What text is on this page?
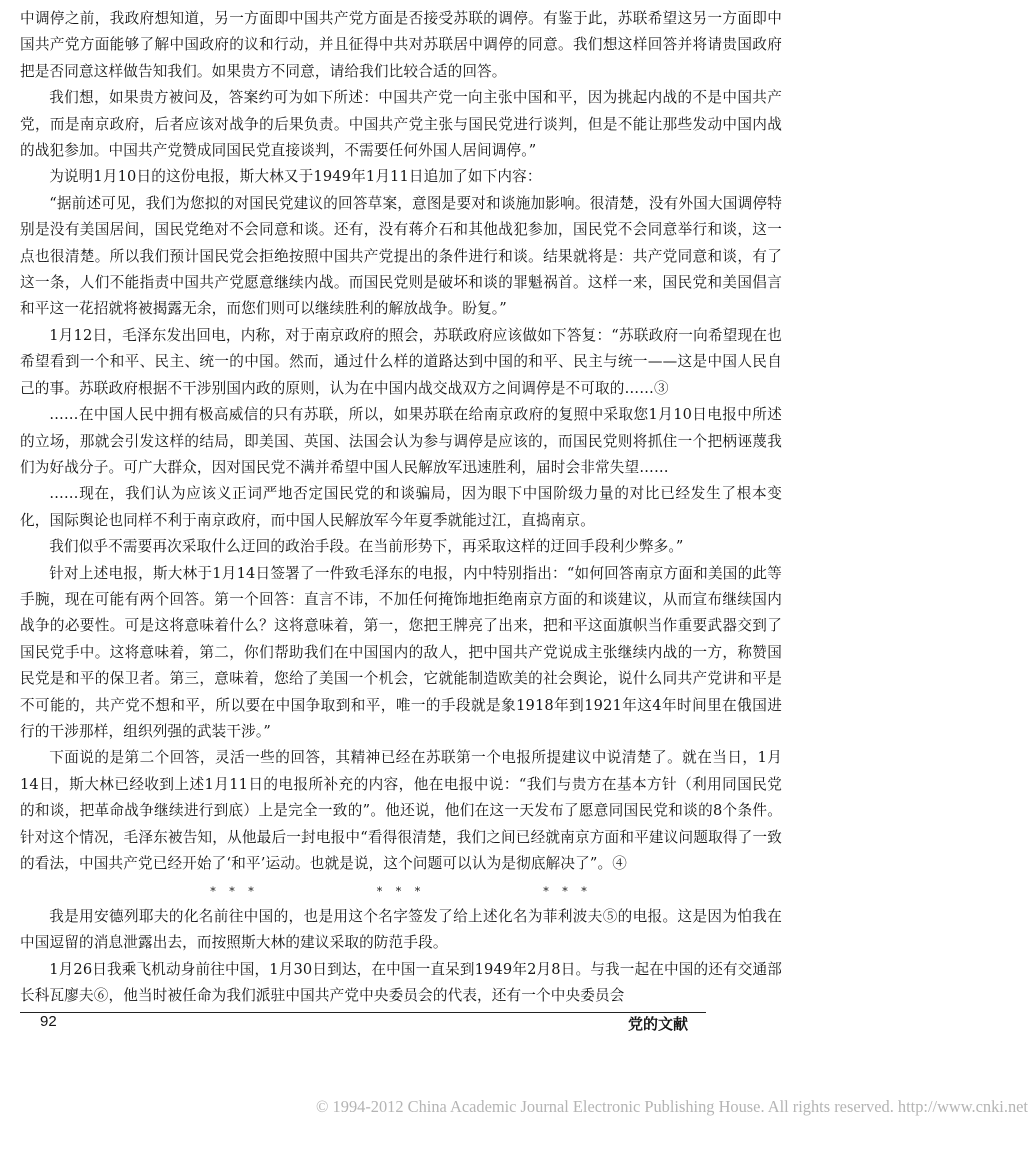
中调停之前，我政府想知道，另一方面即中国共产党方面是否接受苏联的调停。有鉴于此，苏联希望这另一方面即中国共产党方面能够了解中国政府的议和行动，并且征得中共对苏联居中调停的同意。我们想这样回答并将请贵国政府把是否同意这样做告知我们。如果贵方不同意，请给我们比较合适的回答。

我们想，如果贵方被问及，答案约可为如下所述：中国共产党一向主张中国和平，因为挑起内战的不是中国共产党，而是南京政府，后者应该对战争的后果负责。中国共产党主张与国民党进行谈判，但是不能让那些发动中国内战的战犯参加。中国共产党赞成同国民党直接谈判，不需要任何外国人居间调停。”

为说明1月10日的这份电报，斯大林又于1949年1月11日追加了如下内容：

“据前述可见，我们为您拟的对国民党建议的回答草案，意图是要对和谈施加影响。很清楚，没有外国大国调停特别是没有美国居间，国民党绝对不会同意和谈。还有，没有蒋介石和其他战犯参加，国民党不会同意举行和谈，这一点也很清楚。所以我们预计国民党会拒绝按照中国共产党提出的条件进行和谈。结果就将是：共产党同意和谈，有了这一条，人们不能指责中国共产党愿意继续内战。而国民党则是破坏和谈的罪魁祸首。这样一来，国民党和美国倡言和平这一花招就将被揭露无余，而您们则可以继续胜利的解放战争。盼复。”

1月12日，毛泽东发出回电，内称，对于南京政府的照会，苏联政府应该做如下答复：“苏联政府一向希望现在也希望看到一个和平、民主、统一的中国。然而，通过什么样的道路达到中国的和平、民主与统一——这是中国人民自己的事。苏联政府根据不干涉别国内政的原则，认为在中国内战交战双方之间调停是不可取的……③

……在中国人民中拥有极高威信的只有苏联，所以，如果苏联在给南京政府的复照中采取您1月10日电报中所述的立场，那就会引发这样的结局，即美国、英国、法国会认为参与调停是应该的，而国民党则将抓住一个把柄诬蔑我们为好战分子。可广大群众，因对国民党不满并希望中国人民解放军迅速胜利，届时会非常失望……

……现在，我们认为应该义正词严地否定国民党的和谈骗局，因为眼下中国阶级力量的对比已经发生了根本变化，国际舆论也同样不利于南京政府，而中国人民解放军今年夏季就能过江，直捣南京。

我们似乎不需要再次采取什么迂回的政治手段。在当前形势下，再采取这样的迂回手段利少弊多。”

针对上述电报，斯大林于1月14日签署了一件致毛泽东的电报，内中特别指出：“如何回答南京方面和美国的此等手腕，现在可能有两个回答。第一个回答：直言不讳，不加任何掩饰地拒绝南京方面的和谈建议，从而宣布继续国内战争的必要性。可是这将意味着什么？这将意味着，第一，您把王牌亮了出来，把和平这面旗帜当作重要武器交到了国民党手中。这将意味着，第二，你们帮助我们在中国国内的敌人，把中国共产党说成主张继续内战的一方，称赞国民党是和平的保卫者。第三，意味着，您给了美国一个机会，它就能制造欧美的社会舆论，说什么同共产党讲和平是不可能的，共产党不想和平，所以要在中国争取到和平，唯一的手段就是象1918年到1921年这4年时间里在俄国进行的干涉那样，组织列强的武装干涉。”

下面说的是第二个回答，灵活一些的回答，其精神已经在苏联第一个电报所提建议中说清楚了。就在当日，1月14日，斯大林已经收到上述1月11日的电报所补充的内容，他在电报中说：“我们与贵方在基本方针（利用同国民党的和谈，把革命战争继续进行到底）上是完全一致的”。他还说，他们在这一天发布了愿意同国民党和谈的8个条件。针对这个情况，毛泽东被告知，从他最后一封电报中“看得很清楚，我们之间已经就南京方面和平建议问题取得了一致的看法，中国共产党已经开始了‘和平’运动。也就是说，这个问题可以认为是彻底解决了”。④

* * *	* * *	* * *

我是用安德列耶夫的化名前往中国的，也是用这个名字签发了给上述化名为菲利波夫⑤的电报。这是因为怕我在中国逗留的消息泄露出去，而按照斯大林的建议采取的防范手段。

1月26日我乘飞机动身前往中国，1月30日到达，在中国一直呆到1949年2月8日。与我一起在中国的还有交通部长科瓦廖夫⑥，他当时被任命为我们派驻中国共产党中央委员会的代表，还有一个中央委员会

92	党的文献
© 1994-2012 China Academic Journal Electronic Publishing House. All rights reserved. http://www.cnki.net
